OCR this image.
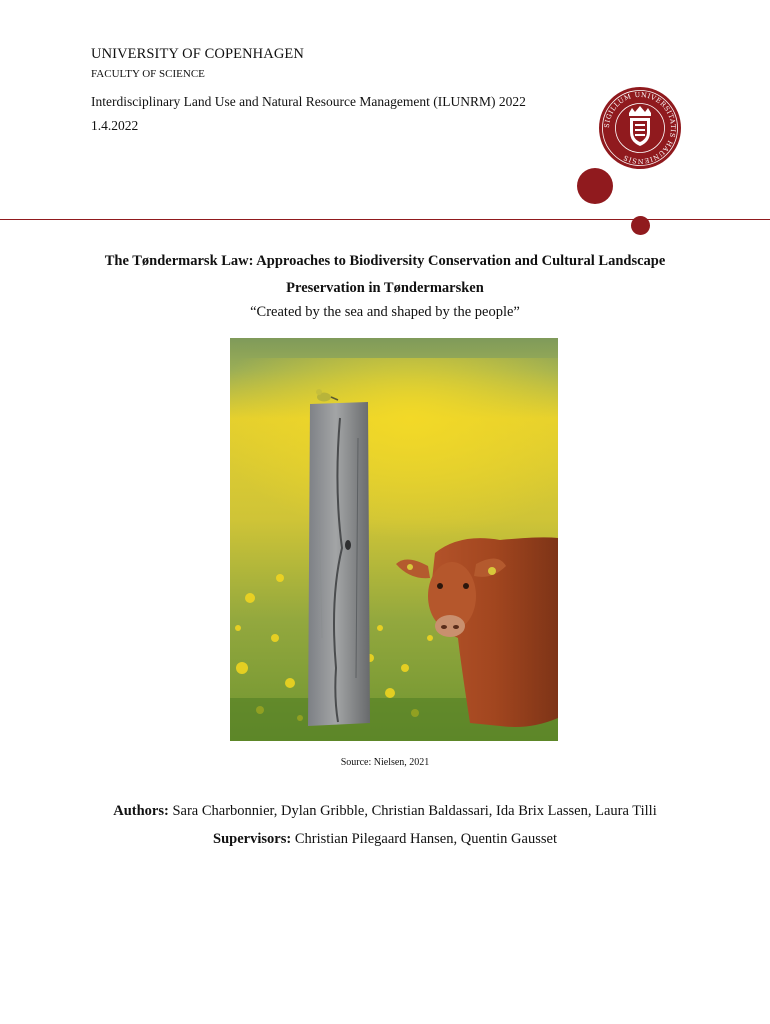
UNIVERSITY OF COPENHAGEN
FACULTY OF SCIENCE
Interdisciplinary Land Use and Natural Resource Management (ILUNRM) 2022
1.4.2022	SIGILLUM UNIVERSITATIS HAUNIENSIS
The Tøndermarsk Law: Approaches to Biodiversity Conservation and Cultural Landscape
Preservation in Tøndermarsken
“Created by the sea and shaped by the people”
Source: Nielsen, 2021
Authors: Sara Charbonnier, Dylan Gribble, Christian Baldassari, Ida Brix Lassen, Laura Tilli
Supervisors: Christian Pilegaard Hansen, Quentin Gausset
